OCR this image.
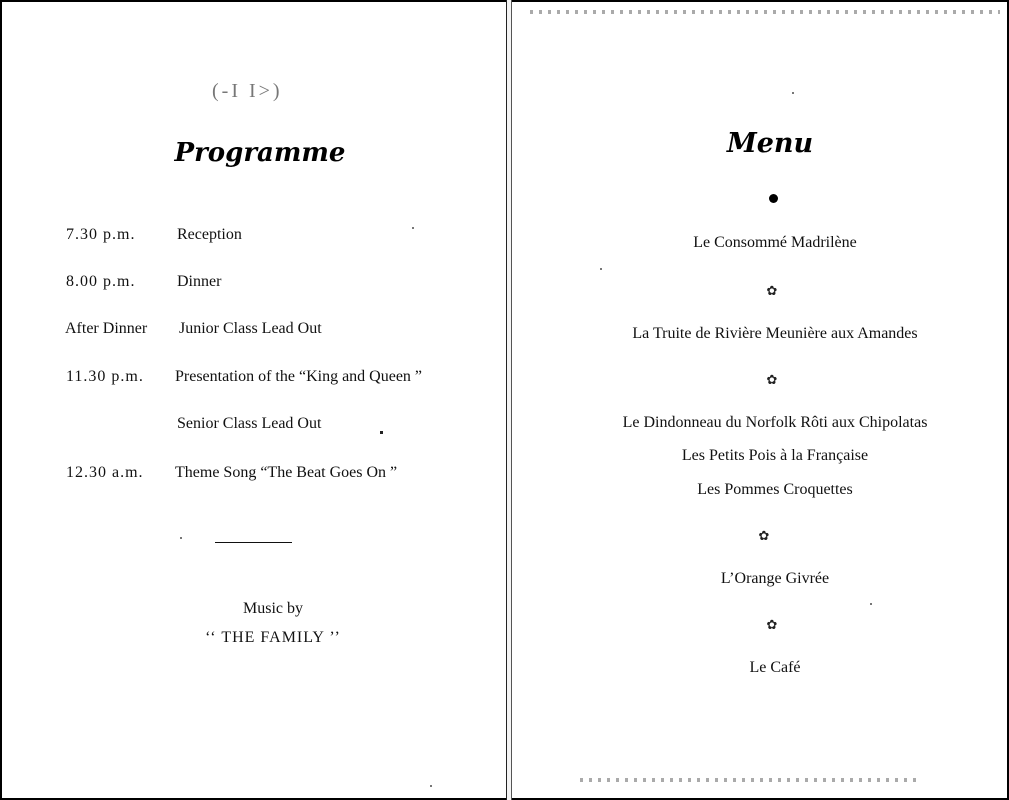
(-I I>)
Programme
7.30 p.m.	Reception
8.00 p.m.	Dinner
After Dinner Junior Class Lead Out
11.30 p.m. Presentation of the “King and Queen ”
Senior Class Lead Out
12.30 a.m. Theme Song “The Beat Goes On ”
Music by
‘‘ THE FAMILY ’’
Menu
Le Consommé Madrilène
✿
La Truite de Rivière Meunière aux Amandes
✿
Le Dindonneau du Norfolk Rôti aux Chipolatas
Les Petits Pois à la Française
Les Pommes Croquettes
✿
L’Orange Givrée
✿
Le Café
